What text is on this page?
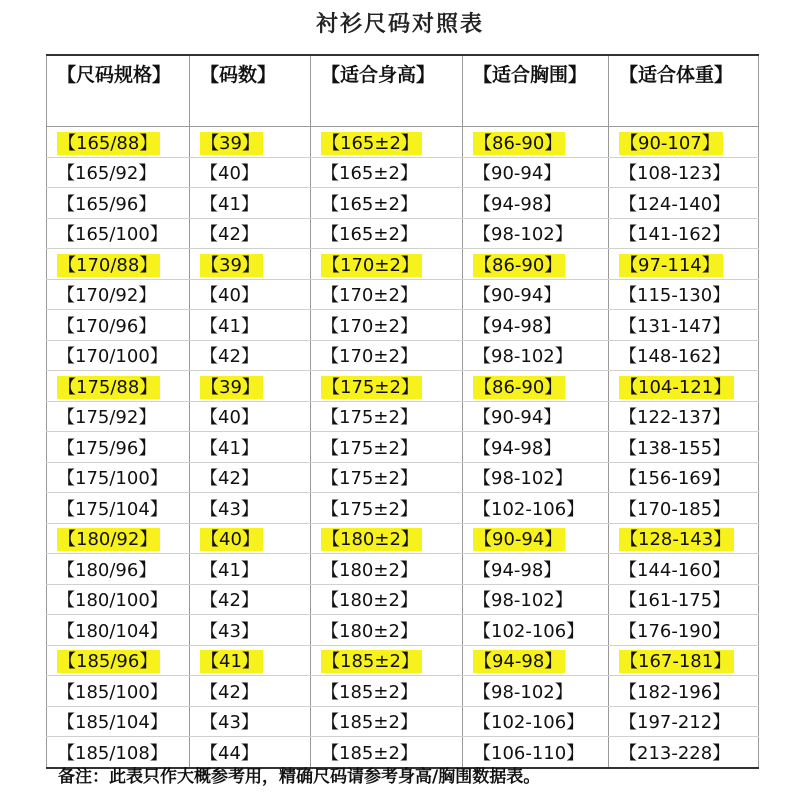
衬衫尺码对照表
【尺码规格】	【码数】	【适合身高】	【适合胸围】	【适合体重】
【165/88】	【39】	【165±2】	【86-90】	【90-107】
【165/92】	【40】	【165±2】	【90-94】	【108-123】
【165/96】	【41】	【165±2】	【94-98】	【124-140】
【165/100】	【42】	【165±2】	【98-102】	【141-162】
【170/88】	【39】	【170±2】	【86-90】	【97-114】
【170/92】	【40】	【170±2】	【90-94】	【115-130】
【170/96】	【41】	【170±2】	【94-98】	【131-147】
【170/100】	【42】	【170±2】	【98-102】	【148-162】
【175/88】	【39】	【175±2】	【86-90】	【104-121】
【175/92】	【40】	【175±2】	【90-94】	【122-137】
【175/96】	【41】	【175±2】	【94-98】	【138-155】
【175/100】	【42】	【175±2】	【98-102】	【156-169】
【175/104】	【43】	【175±2】	【102-106】	【170-185】
【180/92】	【40】	【180±2】	【90-94】	【128-143】
【180/96】	【41】	【180±2】	【94-98】	【144-160】
【180/100】	【42】	【180±2】	【98-102】	【161-175】
【180/104】	【43】	【180±2】	【102-106】	【176-190】
【185/96】	【41】	【185±2】	【94-98】	【167-181】
【185/100】	【42】	【185±2】	【98-102】	【182-196】
【185/104】	【43】	【185±2】	【102-106】	【197-212】
【185/108】	【44】	【185±2】	【106-110】	【213-228】
备注：此表只作大概参考用，精确尺码请参考身高/胸围数据表。
